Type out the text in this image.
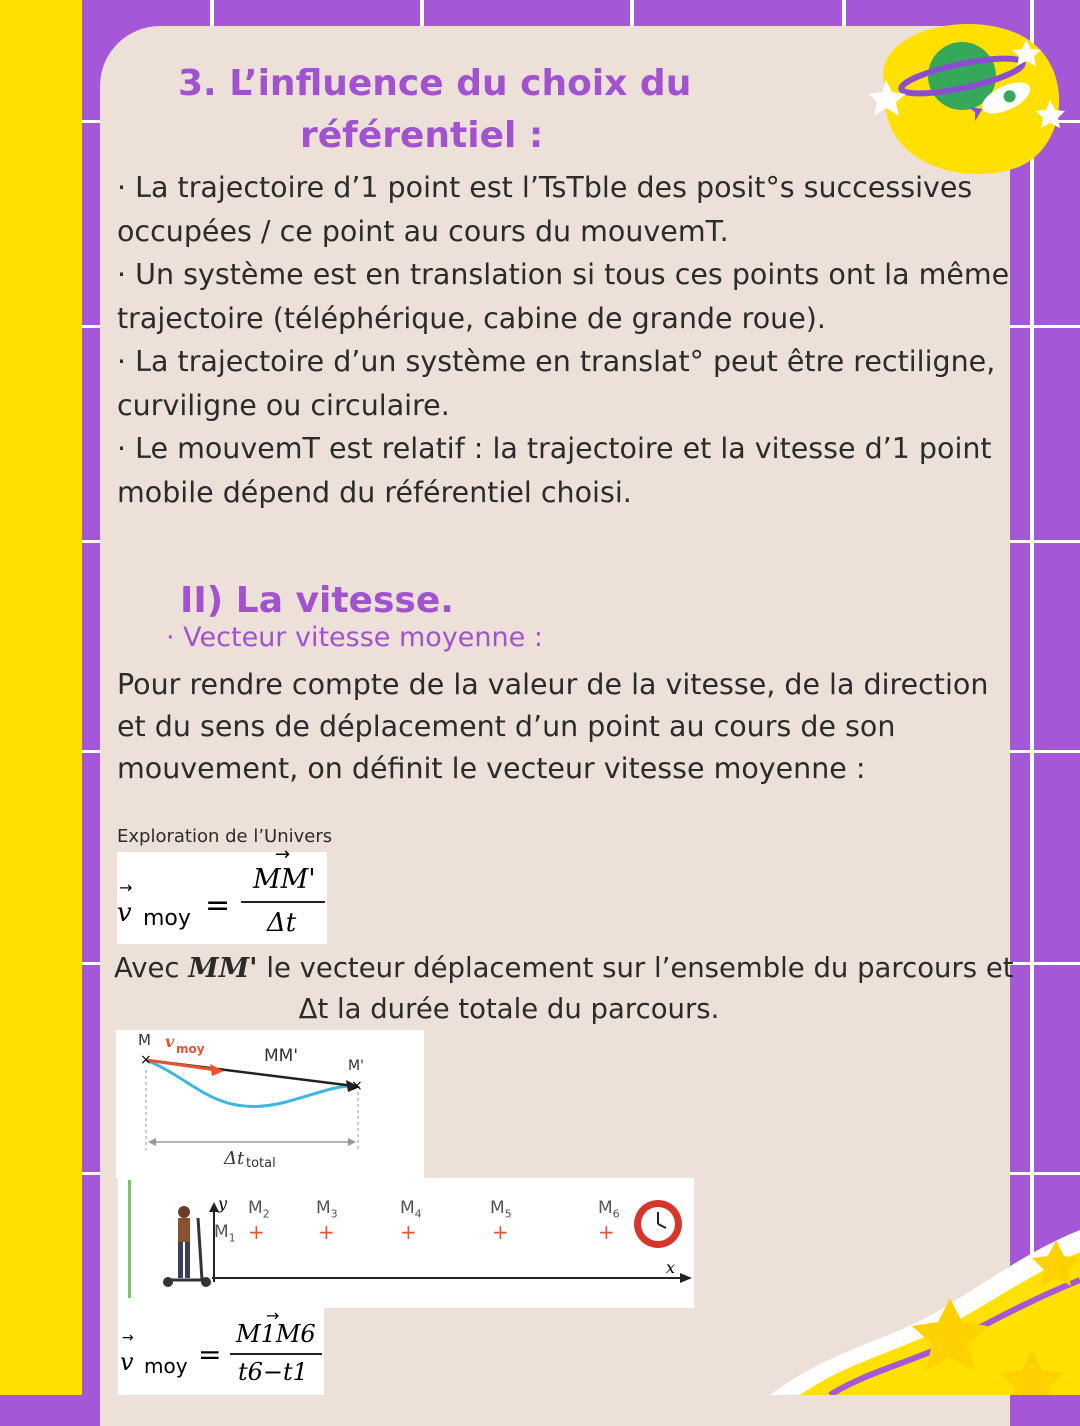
3. L’influence du choix du
référentiel :

· La trajectoire d’1 point est l’TsTble des posit°s successives occupées / ce point au cours du mouvemT.

· Un système est en translation si tous ces points ont la même trajectoire (téléphérique, cabine de grande roue).

· La trajectoire d’un système en translat° peut être rectiligne, curviligne ou circulaire.

· Le mouvemT est relatif : la trajectoire et la vitesse d’1 point mobile dépend du référentiel choisi.

II) La vitesse.
· Vecteur vitesse moyenne :
Pour rendre compte de la valeur de la vitesse, de la direction et du sens de déplacement d’un point au cours de son mouvement, on définit le vecteur vitesse moyenne :
Exploration de l’Univers
v
→
moy =
→
MM'
Δt
Avec MM' le vecteur déplacement sur l’ensemble du parcours et
Δt la durée totale du parcours.
×
×
M v moy	MM'	M'
Δt total
y
x
$M_1$
$M_2$
+
$M_3$
+
$M_4$
+
$M_5$
+
$M_6$
+
v
→
moy =
→
M1M6
t6−t1
